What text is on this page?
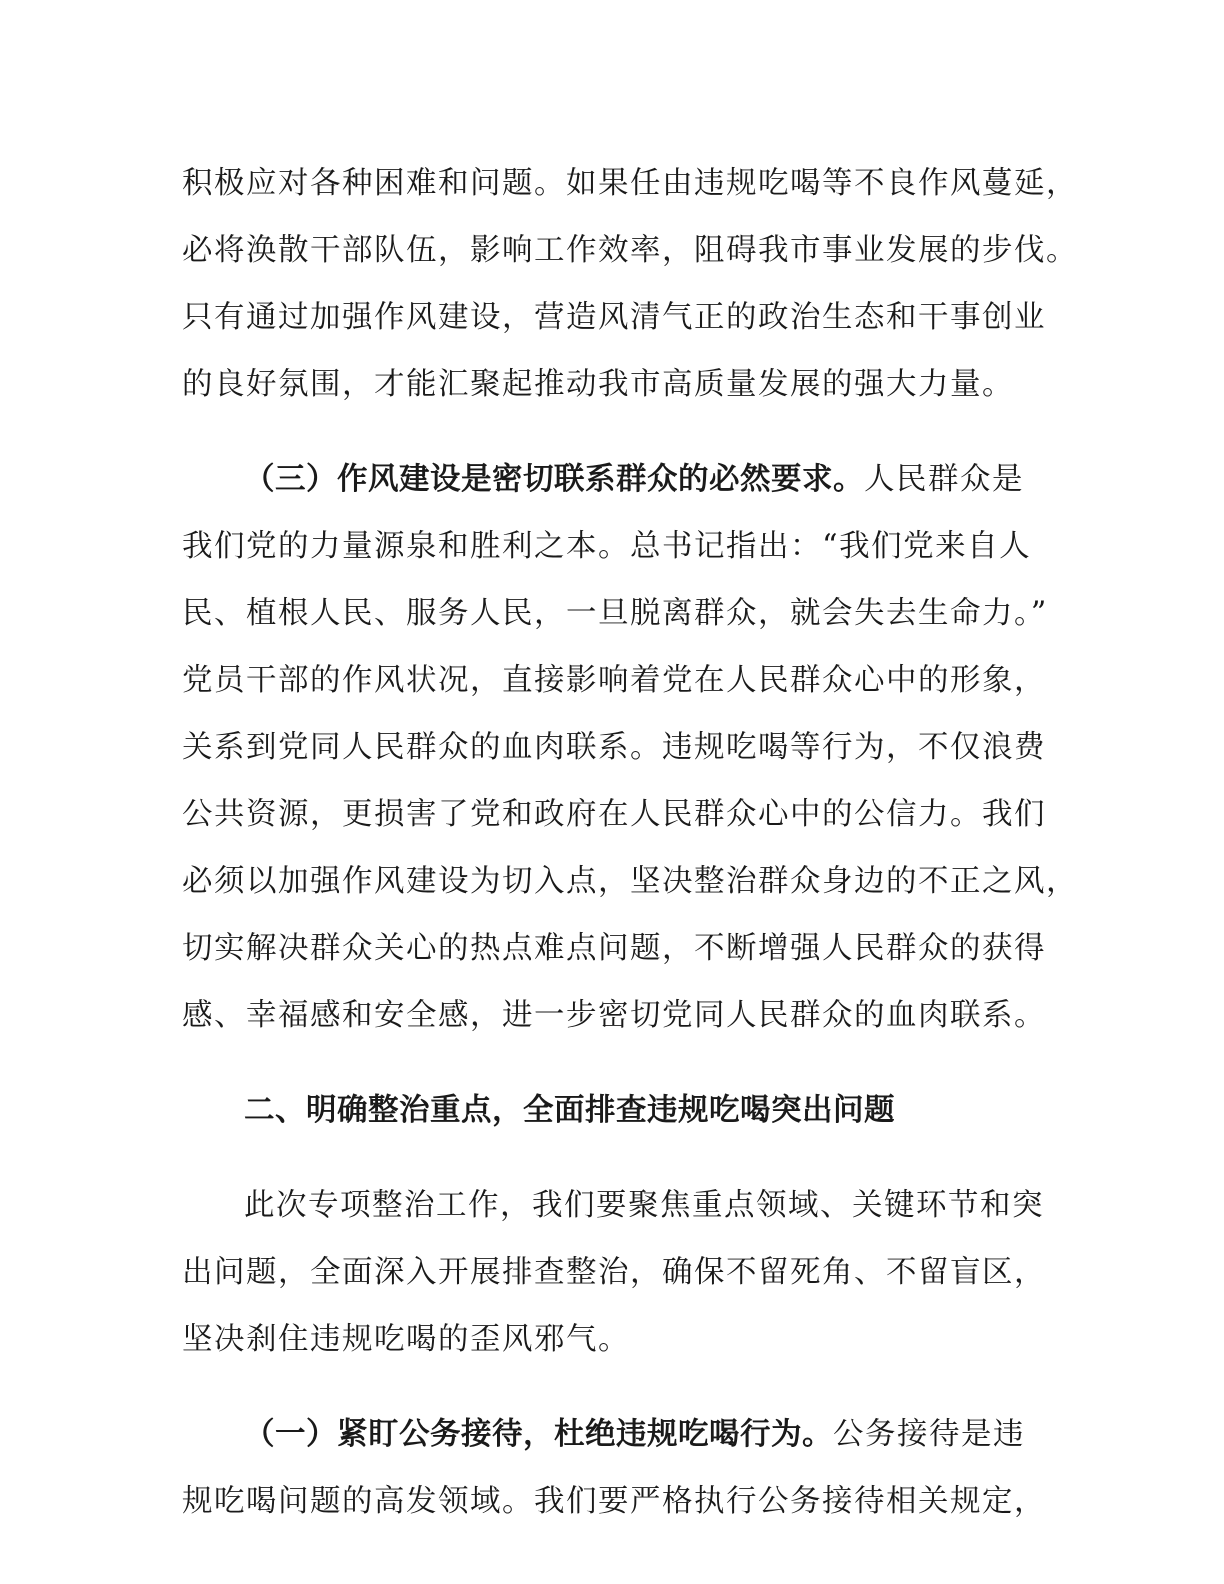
积极应对各种困难和问题。如果任由违规吃喝等不良作风蔓延，
必将涣散干部队伍，影响工作效率，阻碍我市事业发展的步伐。
只有通过加强作风建设，营造风清气正的政治生态和干事创业
的良好氛围，才能汇聚起推动我市高质量发展的强大力量。
（三）作风建设是密切联系群众的必然要求。人民群众是
我们党的力量源泉和胜利之本。总书记指出：“我们党来自人
民、植根人民、服务人民，一旦脱离群众，就会失去生命力。”
党员干部的作风状况，直接影响着党在人民群众心中的形象，
关系到党同人民群众的血肉联系。违规吃喝等行为，不仅浪费
公共资源，更损害了党和政府在人民群众心中的公信力。我们
必须以加强作风建设为切入点，坚决整治群众身边的不正之风，
切实解决群众关心的热点难点问题，不断增强人民群众的获得
感、幸福感和安全感，进一步密切党同人民群众的血肉联系。
二、明确整治重点，全面排查违规吃喝突出问题
此次专项整治工作，我们要聚焦重点领域、关键环节和突
出问题，全面深入开展排查整治，确保不留死角、不留盲区，
坚决刹住违规吃喝的歪风邪气。
（一）紧盯公务接待，杜绝违规吃喝行为。公务接待是违
规吃喝问题的高发领域。我们要严格执行公务接待相关规定，
